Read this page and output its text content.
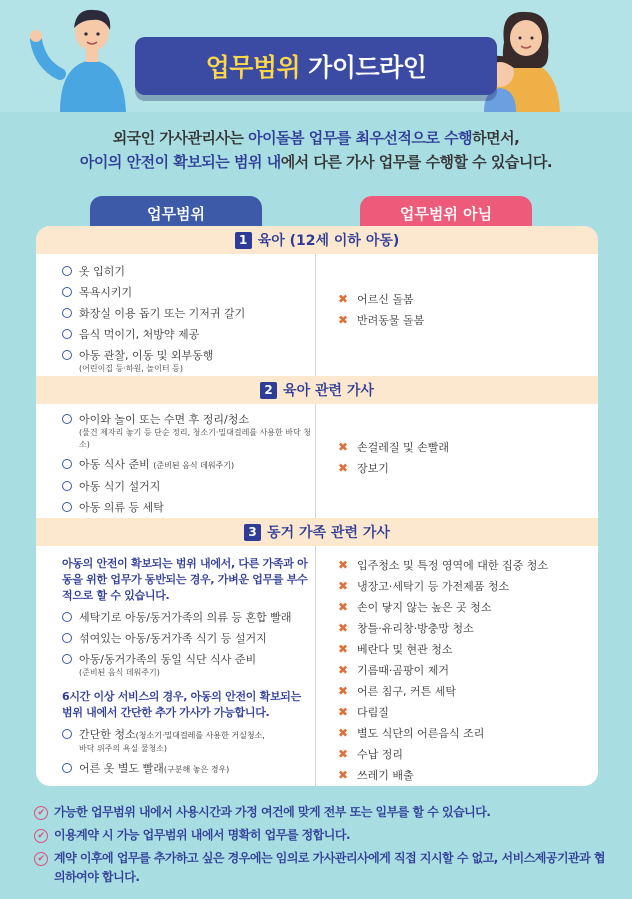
업무범위 가이드라인
외국인 가사관리사는 아이돌봄 업무를 최우선적으로 수행하면서,
아이의 안전이 확보되는 범위 내에서 다른 가사 업무를 수행할 수 있습니다.
업무범위	업무범위 아님
1 육아 (12세 이하 아동)
옷 입히기
목욕시키기
화장실 이용 돕기 또는 기저귀 갈기
음식 먹이기, 처방약 제공
아동 관찰, 이동 및 외부동행
(어린이집 등·하원, 놀이터 등)
✖ 어르신 돌봄
✖ 반려동물 돌봄
2 육아 관련 가사
아이와 놀이 또는 수면 후 정리/청소
(물건 제자리 놓기 등 단순 정리, 청소기·밀대걸레를 사용한 바닥 청소)
아동 식사 준비 (준비된 음식 데워주기)
아동 식기 설거지
아동 의류 등 세탁
✖ 손걸레질 및 손빨래
✖ 장보기
3 동거 가족 관련 가사
아동의 안전이 확보되는 범위 내에서, 다른 가족과 아동을 위한 업무가 동반되는 경우, 가벼운 업무를 부수적으로 할 수 있습니다.
세탁기로 아동/동거가족의 의류 등 혼합 빨래
섞여있는 아동/동거가족 식기 등 설거지
아동/동거가족의 동일 식단 식사 준비
(준비된 음식 데워주기)
6시간 이상 서비스의 경우, 아동의 안전이 확보되는 범위 내에서 간단한 추가 가사가 가능합니다.
간단한 청소(청소기·밀대걸레를 사용한 거실청소,
바닥 위주의 욕실 물청소)
어른 옷 별도 빨래(구분해 놓은 경우)
✖ 입주청소 및 특정 영역에 대한 집중 청소
✖ 냉장고·세탁기 등 가전제품 청소
✖ 손이 닿지 않는 높은 곳 청소
✖ 창틀·유리창·방충망 청소
✖ 베란다 및 현관 청소
✖ 기름때·곰팡이 제거
✖ 어른 침구, 커튼 세탁
✖ 다림질
✖ 별도 식단의 어른음식 조리
✖ 수납 정리
✖ 쓰레기 배출
✔ 가능한 업무범위 내에서 사용시간과 가정 여건에 맞게 전부 또는 일부를 할 수 있습니다.
✔ 이용계약 시 가능 업무범위 내에서 명확히 업무를 정합니다.
✔ 계약 이후에 업무를 추가하고 싶은 경우에는 임의로 가사관리사에게 직접 지시할 수 없고, 서비스제공기관과 협의하여야 합니다.
